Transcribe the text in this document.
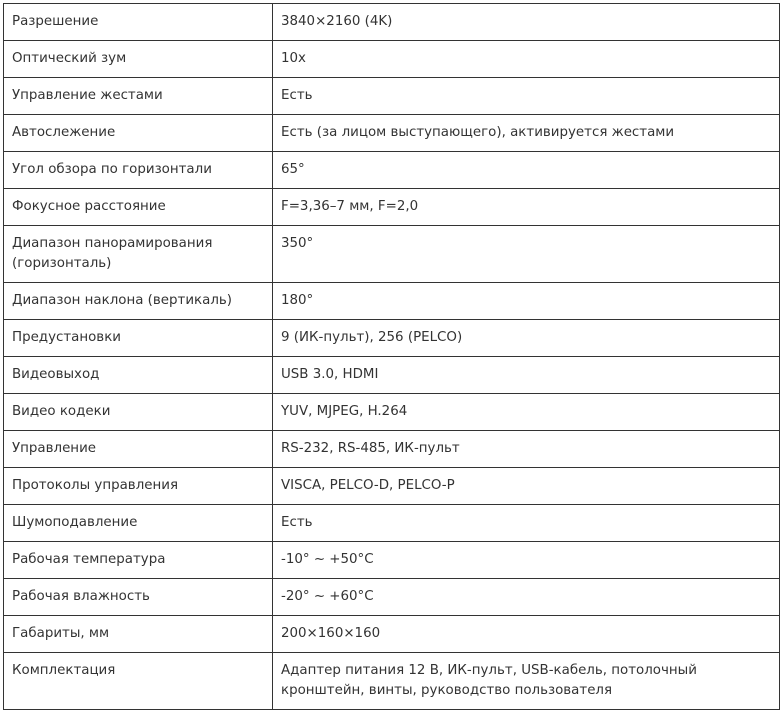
Разрешение	3840×2160 (4K)
Оптический зум	10x
Управление жестами	Есть
Автослежение	Есть (за лицом выступающего), активируется жестами
Угол обзора по горизонтали	65°
Фокусное расстояние	F=3,36–7 мм, F=2,0
Диапазон панорамирования (горизонталь)	350°
Диапазон наклона (вертикаль)	180°
Предустановки	9 (ИК-пульт), 256 (PELCO)
Видеовыход	USB 3.0, HDMI
Видео кодеки	YUV, MJPEG, H.264
Управление	RS-232, RS-485, ИК-пульт
Протоколы управления	VISCA, PELCO-D, PELCO-P
Шумоподавление	Есть
Рабочая температура	-10° ~ +50°C
Рабочая влажность	-20° ~ +60°C
Габариты, мм	200×160×160
Комплектация	Адаптер питания 12 В, ИК-пульт, USB-кабель, потолочный кронштейн, винты, руководство пользователя
